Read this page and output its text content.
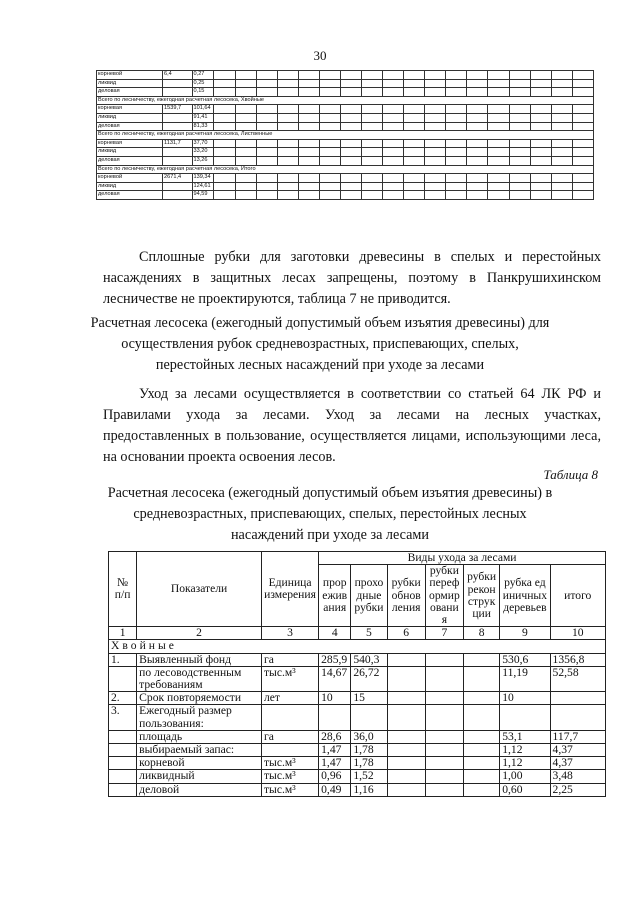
30
корневой	6,4	0,27																		
ликвид		0,25																		
деловая		0,15																		
Всего по лесничеству, ежегодная расчетная лесосека, Хвойные																				
корневая	1539,7	101,64																		
ликвид		91,41																		
деловая		81,33																		
Всего по лесничеству, ежегодная расчетная лесосека, Лиственные																				
корневая	1131,7	37,70																		
ликвид		33,20																		
деловая		13,26																		
Всего по лесничеству, ежегодная расчетная лесосека, Итого																				
корневой	2671,4	139,34																		
ликвид		124,61																		
деловая		94,59																		

Сплошные рубки для заготовки древесины в спелых и перестойных насаждениях в защитных лесах запрещены, поэтому в Панкрушихинском лесничестве не проектируются, таблица 7 не приводится.

Расчетная лесосека (ежегодный допустимый объем изъятия древесины) для осуществления рубок средневозрастных, приспевающих, спелых, перестойных лесных насаждений при уходе за лесами

Уход за лесами осуществляется в соответствии со статьей 64 ЛК РФ и Правилами ухода за лесами. Уход за лесами на лесных участках, предоставленных в пользование, осуществляется лицами, использующими леса, на основании проекта освоения лесов.

Таблица 8

Расчетная лесосека (ежегодный допустимый объем изъятия древесины) в средневозрастных, приспевающих, спелых, перестойных лесных насаждений при уходе за лесами

№ п/п	Показатели	Единица измерения	Виды ухода за лесами						
			прореживания	проходные рубки	рубки обновления	рубки переформирования	рубки реконструкции	рубка единичных деревьев	итого
1	2	3	4	5	6	7	8	9	10
Хвойные									
1.	Выявленный фонд	га	285,9	540,3				530,6	1356,8
	по лесоводственным требованиям	тыс.м³	14,67	26,72				11,19	52,58
2.	Срок повторяемости	лет	10	15				10	
3.	Ежегодный размер пользования:								
	площадь	га	28,6	36,0				53,1	117,7
	выбираемый запас:		1,47	1,78				1,12	4,37
	корневой	тыс.м³	1,47	1,78				1,12	4,37
	ликвидный	тыс.м³	0,96	1,52				1,00	3,48
	деловой	тыс.м³	0,49	1,16				0,60	2,25
